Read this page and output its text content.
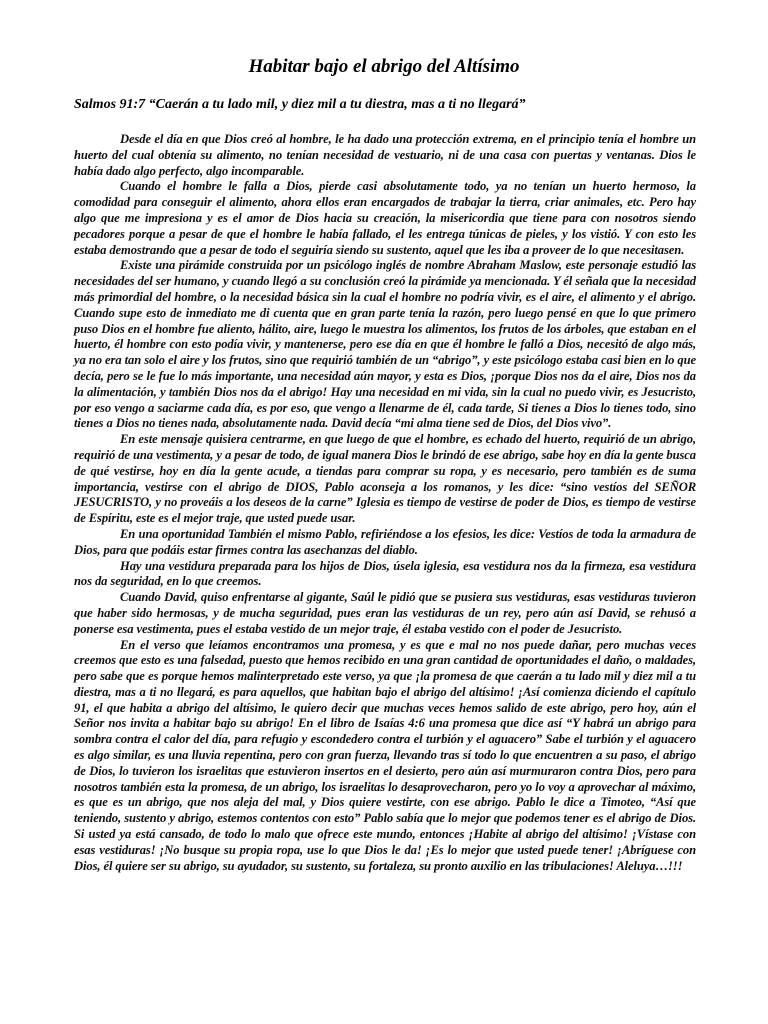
Habitar bajo el abrigo del Altísimo
Salmos 91:7 “Caerán a tu lado mil, y diez mil a tu diestra, mas a ti no llegará”

Desde el día en que Dios creó al hombre, le ha dado una protección extrema, en el principio tenía el hombre un huerto del cual obtenía su alimento, no tenían necesidad de vestuario, ni de una casa con puertas y ventanas. Dios le había dado algo perfecto, algo incomparable.

Cuando el hombre le falla a Dios, pierde casi absolutamente todo, ya no tenían un huerto hermoso, la comodidad para conseguir el alimento, ahora ellos eran encargados de trabajar la tierra, criar animales, etc. Pero hay algo que me impresiona y es el amor de Dios hacia su creación, la misericordia que tiene para con nosotros siendo pecadores porque a pesar de que el hombre le había fallado, el les entrega túnicas de pieles, y los vistió. Y con esto les estaba demostrando que a pesar de todo el seguiría siendo su sustento, aquel que les iba a proveer de lo que necesitasen.

Existe una pirámide construida por un psicólogo inglés de nombre Abraham Maslow, este personaje estudió las necesidades del ser humano, y cuando llegó a su conclusión creó la pirámide ya mencionada. Y él señala que la necesidad más primordial del hombre, o la necesidad básica sin la cual el hombre no podría vivir, es el aire, el alimento y el abrigo. Cuando supe esto de inmediato me di cuenta que en gran parte tenía la razón, pero luego pensé en que lo que primero puso Dios en el hombre fue aliento, hálito, aire, luego le muestra los alimentos, los frutos de los árboles, que estaban en el huerto, él hombre con esto podía vivir, y mantenerse, pero ese día en que él hombre le falló a Dios, necesitó de algo más, ya no era tan solo el aire y los frutos, sino que requirió también de un “abrigo”, y este psicólogo estaba casi bien en lo que decía, pero se le fue lo más importante, una necesidad aún mayor, y esta es Dios, ¡porque Dios nos da el aire, Dios nos da la alimentación, y también Dios nos da el abrigo! Hay una necesidad en mi vida, sin la cual no puedo vivir, es Jesucristo, por eso vengo a saciarme cada día, es por eso, que vengo a llenarme de él, cada tarde, Si tienes a Dios lo tienes todo, sino tienes a Dios no tienes nada, absolutamente nada. David decía “mi alma tiene sed de Dios, del Dios vivo”.

En este mensaje quisiera centrarme, en que luego de que el hombre, es echado del huerto, requirió de un abrigo, requirió de una vestimenta, y a pesar de todo, de igual manera Dios le brindó de ese abrigo, sabe hoy en día la gente busca de qué vestirse, hoy en día la gente acude, a tiendas para comprar su ropa, y es necesario, pero también es de suma importancia, vestirse con el abrigo de DIOS, Pablo aconseja a los romanos, y les dice: “sino vestíos del SEÑOR JESUCRISTO, y no proveáis a los deseos de la carne” Iglesia es tiempo de vestirse de poder de Dios, es tiempo de vestirse de Espíritu, este es el mejor traje, que usted puede usar.

En una oportunidad También el mismo Pablo, refiriéndose a los efesios, les dice: Vestíos de toda la armadura de Dios, para que podáis estar firmes contra las asechanzas del diablo.

Hay una vestidura preparada para los hijos de Dios, úsela iglesia, esa vestidura nos da la firmeza, esa vestidura nos da seguridad, en lo que creemos.

Cuando David, quiso enfrentarse al gigante, Saúl le pidió que se pusiera sus vestiduras, esas vestiduras tuvieron que haber sido hermosas, y de mucha seguridad, pues eran las vestiduras de un rey, pero aún así David, se rehusó a ponerse esa vestimenta, pues el estaba vestido de un mejor traje, él estaba vestido con el poder de Jesucristo.

En el verso que leíamos encontramos una promesa, y es que e mal no nos puede dañar, pero muchas veces creemos que esto es una falsedad, puesto que hemos recibido en una gran cantidad de oportunidades el daño, o maldades, pero sabe que es porque hemos malinterpretado este verso, ya que ¡la promesa de que caerán a tu lado mil y diez mil a tu diestra, mas a ti no llegará, es para aquellos, que habitan bajo el abrigo del altísimo! ¡Así comienza diciendo el capítulo 91, el que habita a abrigo del altísimo, le quiero decir que muchas veces hemos salido de este abrigo, pero hoy, aún el Señor nos invita a habitar bajo su abrigo! En el libro de Isaías 4:6 una promesa que dice así “Y habrá un abrigo para sombra contra el calor del día, para refugio y escondedero contra el turbión y el aguacero” Sabe el turbión y el aguacero es algo similar, es una lluvia repentina, pero con gran fuerza, llevando tras sí todo lo que encuentren a su paso, el abrigo de Dios, lo tuvieron los israelitas que estuvieron insertos en el desierto, pero aún así murmuraron contra Dios, pero para nosotros también esta la promesa, de un abrigo, los israelitas lo desaprovecharon, pero yo lo voy a aprovechar al máximo, es que es un abrigo, que nos aleja del mal, y Dios quiere vestirte, con ese abrigo. Pablo le dice a Timoteo, “Así que teniendo, sustento y abrigo, estemos contentos con esto” Pablo sabía que lo mejor que podemos tener es el abrigo de Dios. Si usted ya está cansado, de todo lo malo que ofrece este mundo, entonces ¡Habite al abrigo del altísimo! ¡Vístase con esas vestiduras! ¡No busque su propia ropa, use lo que Dios le da! ¡Es lo mejor que usted puede tener! ¡Abríguese con Dios, él quiere ser su abrigo, su ayudador, su sustento, su fortaleza, su pronto auxilio en las tribulaciones! Aleluya…!!!
